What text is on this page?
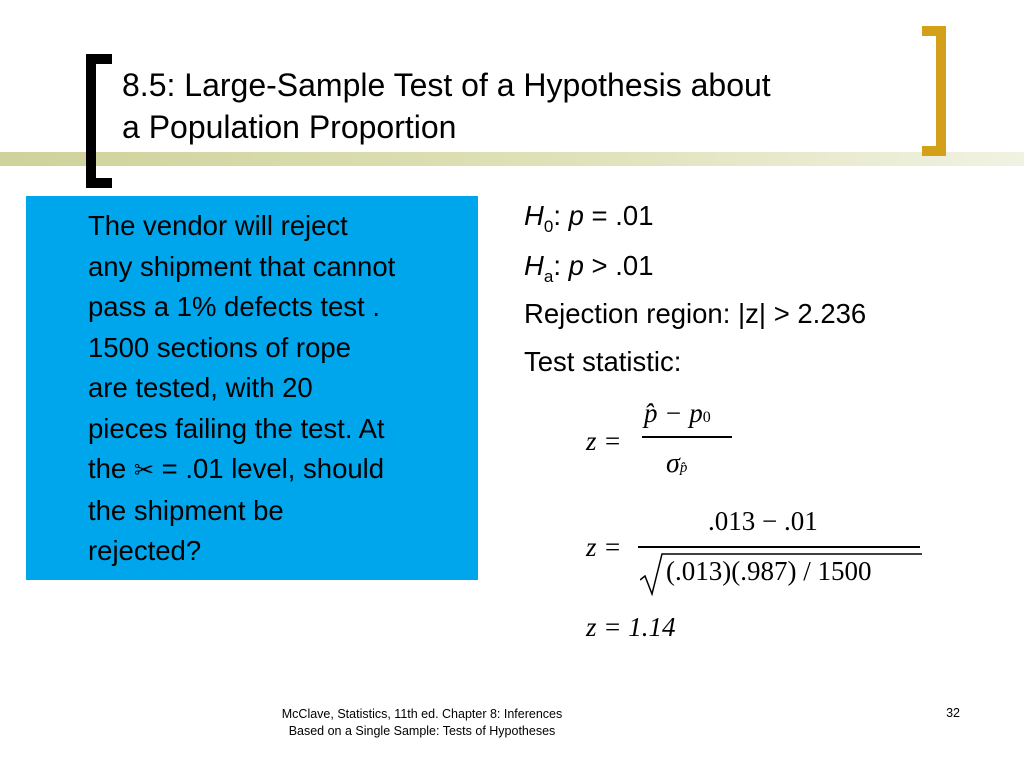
8.5: Large-Sample Test of a Hypothesis about
a Population Proportion
The vendor will reject
any shipment that cannot
pass a 1% defects test .
1500 sections of rope
are tested, with 20
pieces failing the test. At
the ✂ = .01 level, should
the shipment be
rejected?
$H_0$: p = .01
$H_a$: p > .01
Rejection region: |z| > 2.236
Test statistic:
z =
p̂ − p0
σp̂
z =
.013 − .01
(.013)(.987) / 1500
z = 1.14
McClave, Statistics, 11th ed. Chapter 8: Inferences
Based on a Single Sample: Tests of Hypotheses
32
